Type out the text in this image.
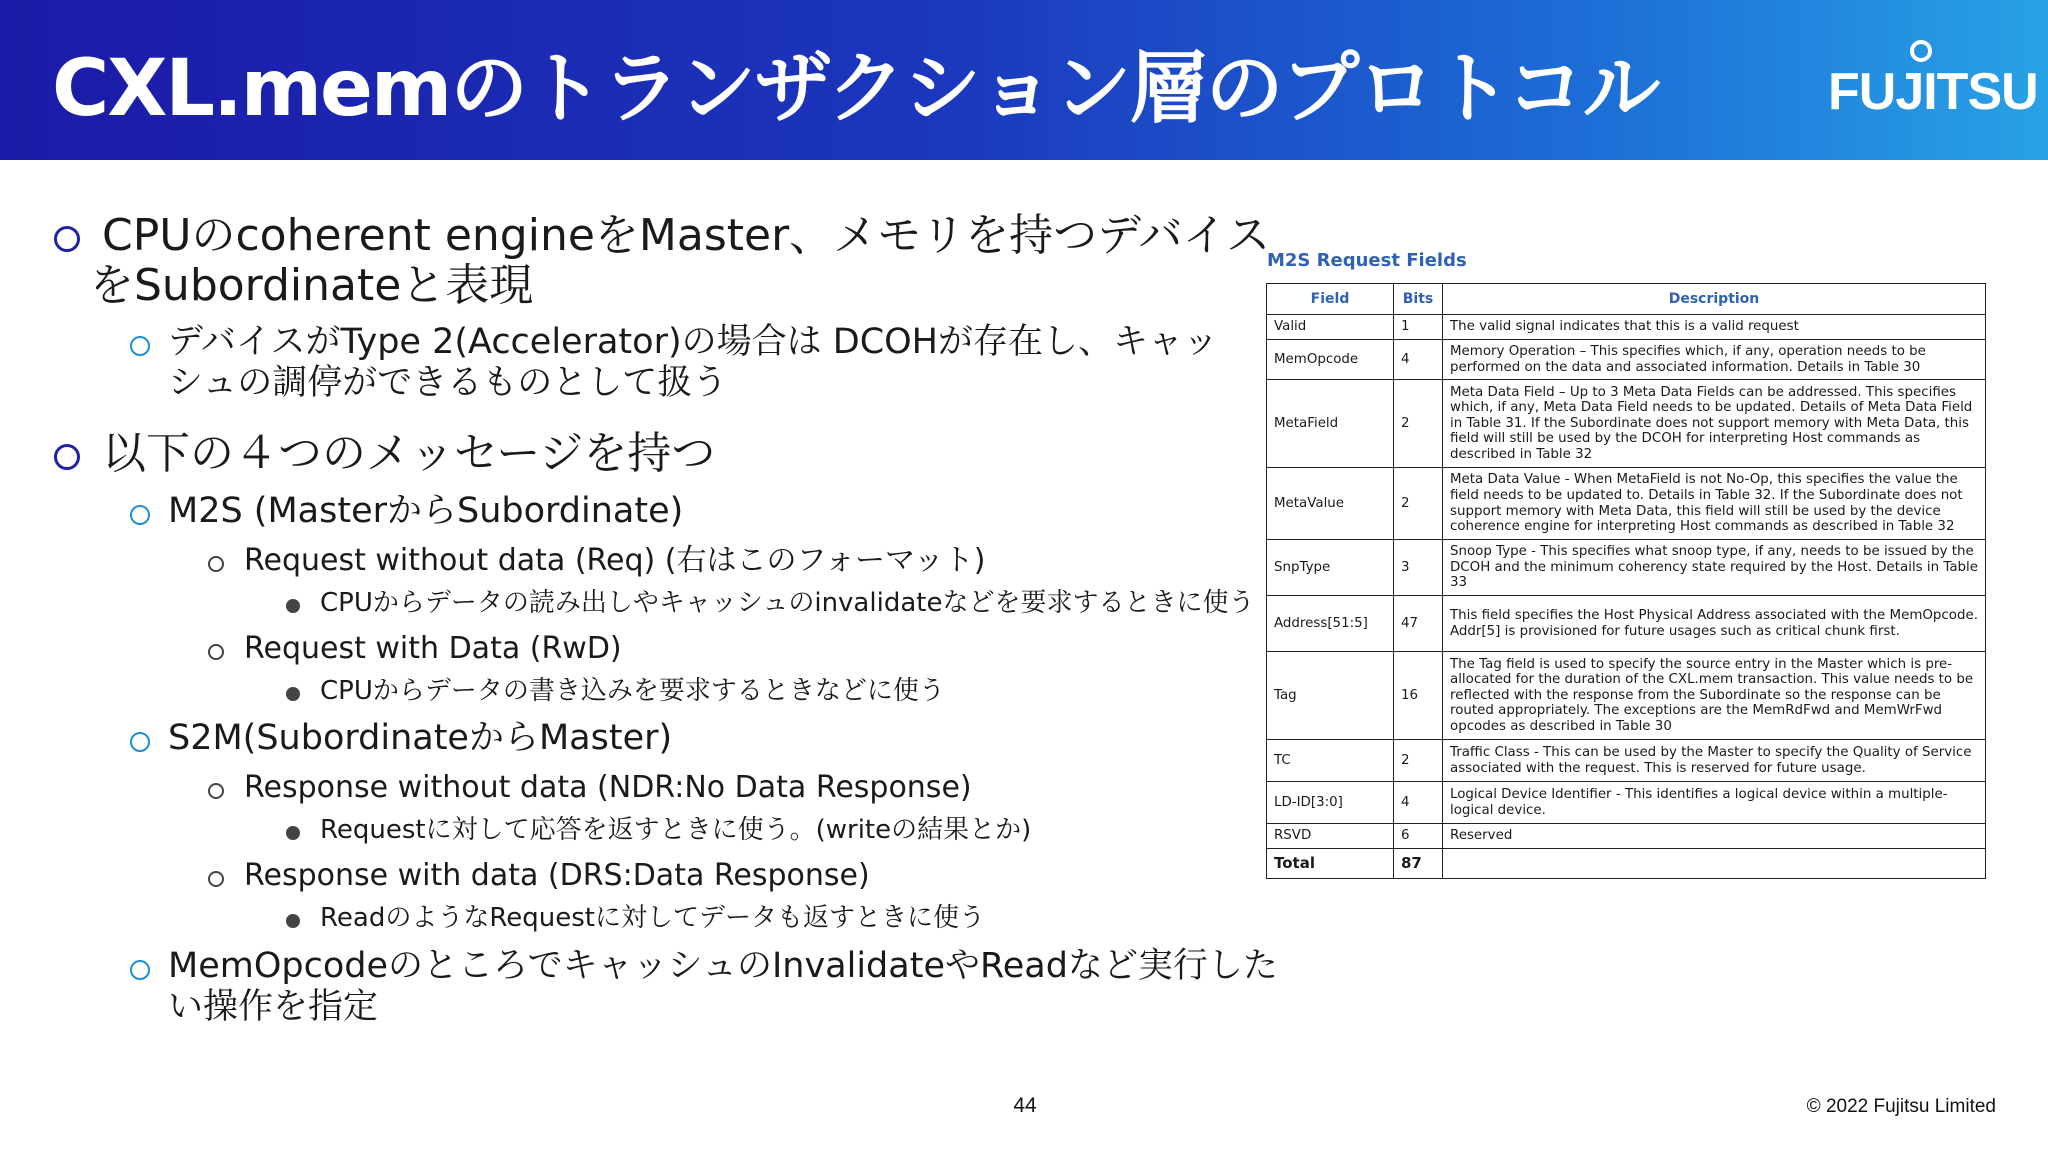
CXL.memのトランザクション層のプロトコル	FUJITSU
CPUのcoherent engineをMaster、メモリを持つデバイス
をSubordinateと表現
デバイスがType 2(Accelerator)の場合は DCOHが存在し、キャッ
シュの調停ができるものとして扱う
以下の４つのメッセージを持つ
M2S (MasterからSubordinate)
Request without data (Req) (右はこのフォーマット)
CPUからデータの読み出しやキャッシュのinvalidateなどを要求するときに使う
Request with Data (RwD)
CPUからデータの書き込みを要求するときなどに使う
S2M(SubordinateからMaster)
Response without data (NDR:No Data Response)
Requestに対して応答を返すときに使う。(writeの結果とか)
Response with data (DRS:Data Response)
ReadのようなRequestに対してデータも返すときに使う
MemOpcodeのところでキャッシュのInvalidateやReadなど実行した
い操作を指定
M2S Request Fields
Field	Bits	Description
Valid	1	The valid signal indicates that this is a valid request
MemOpcode	4	Memory Operation – This specifies which, if any, operation needs to be performed on the data and associated information. Details in Table 30
MetaField	2	Meta Data Field – Up to 3 Meta Data Fields can be addressed. This specifies which, if any, Meta Data Field needs to be updated. Details of Meta Data Field in Table 31. If the Subordinate does not support memory with Meta Data, this field will still be used by the DCOH for interpreting Host commands as described in Table 32
MetaValue	2	Meta Data Value - When MetaField is not No-Op, this specifies the value the field needs to be updated to. Details in Table 32. If the Subordinate does not support memory with Meta Data, this field will still be used by the device coherence engine for interpreting Host commands as described in Table 32
SnpType	3	Snoop Type - This specifies what snoop type, if any, needs to be issued by the DCOH and the minimum coherency state required by the Host. Details in Table 33
Address[51:5]	47	This field specifies the Host Physical Address associated with the MemOpcode. Addr[5] is provisioned for future usages such as critical chunk first.
Tag	16	The Tag field is used to specify the source entry in the Master which is pre-allocated for the duration of the CXL.mem transaction. This value needs to be reflected with the response from the Subordinate so the response can be routed appropriately. The exceptions are the MemRdFwd and MemWrFwd opcodes as described in Table 30
TC	2	Traffic Class - This can be used by the Master to specify the Quality of Service associated with the request. This is reserved for future usage.
LD-ID[3:0]	4	Logical Device Identifier - This identifies a logical device within a multiple-logical device.
RSVD	6	Reserved
Total	87	
44	© 2022 Fujitsu Limited
